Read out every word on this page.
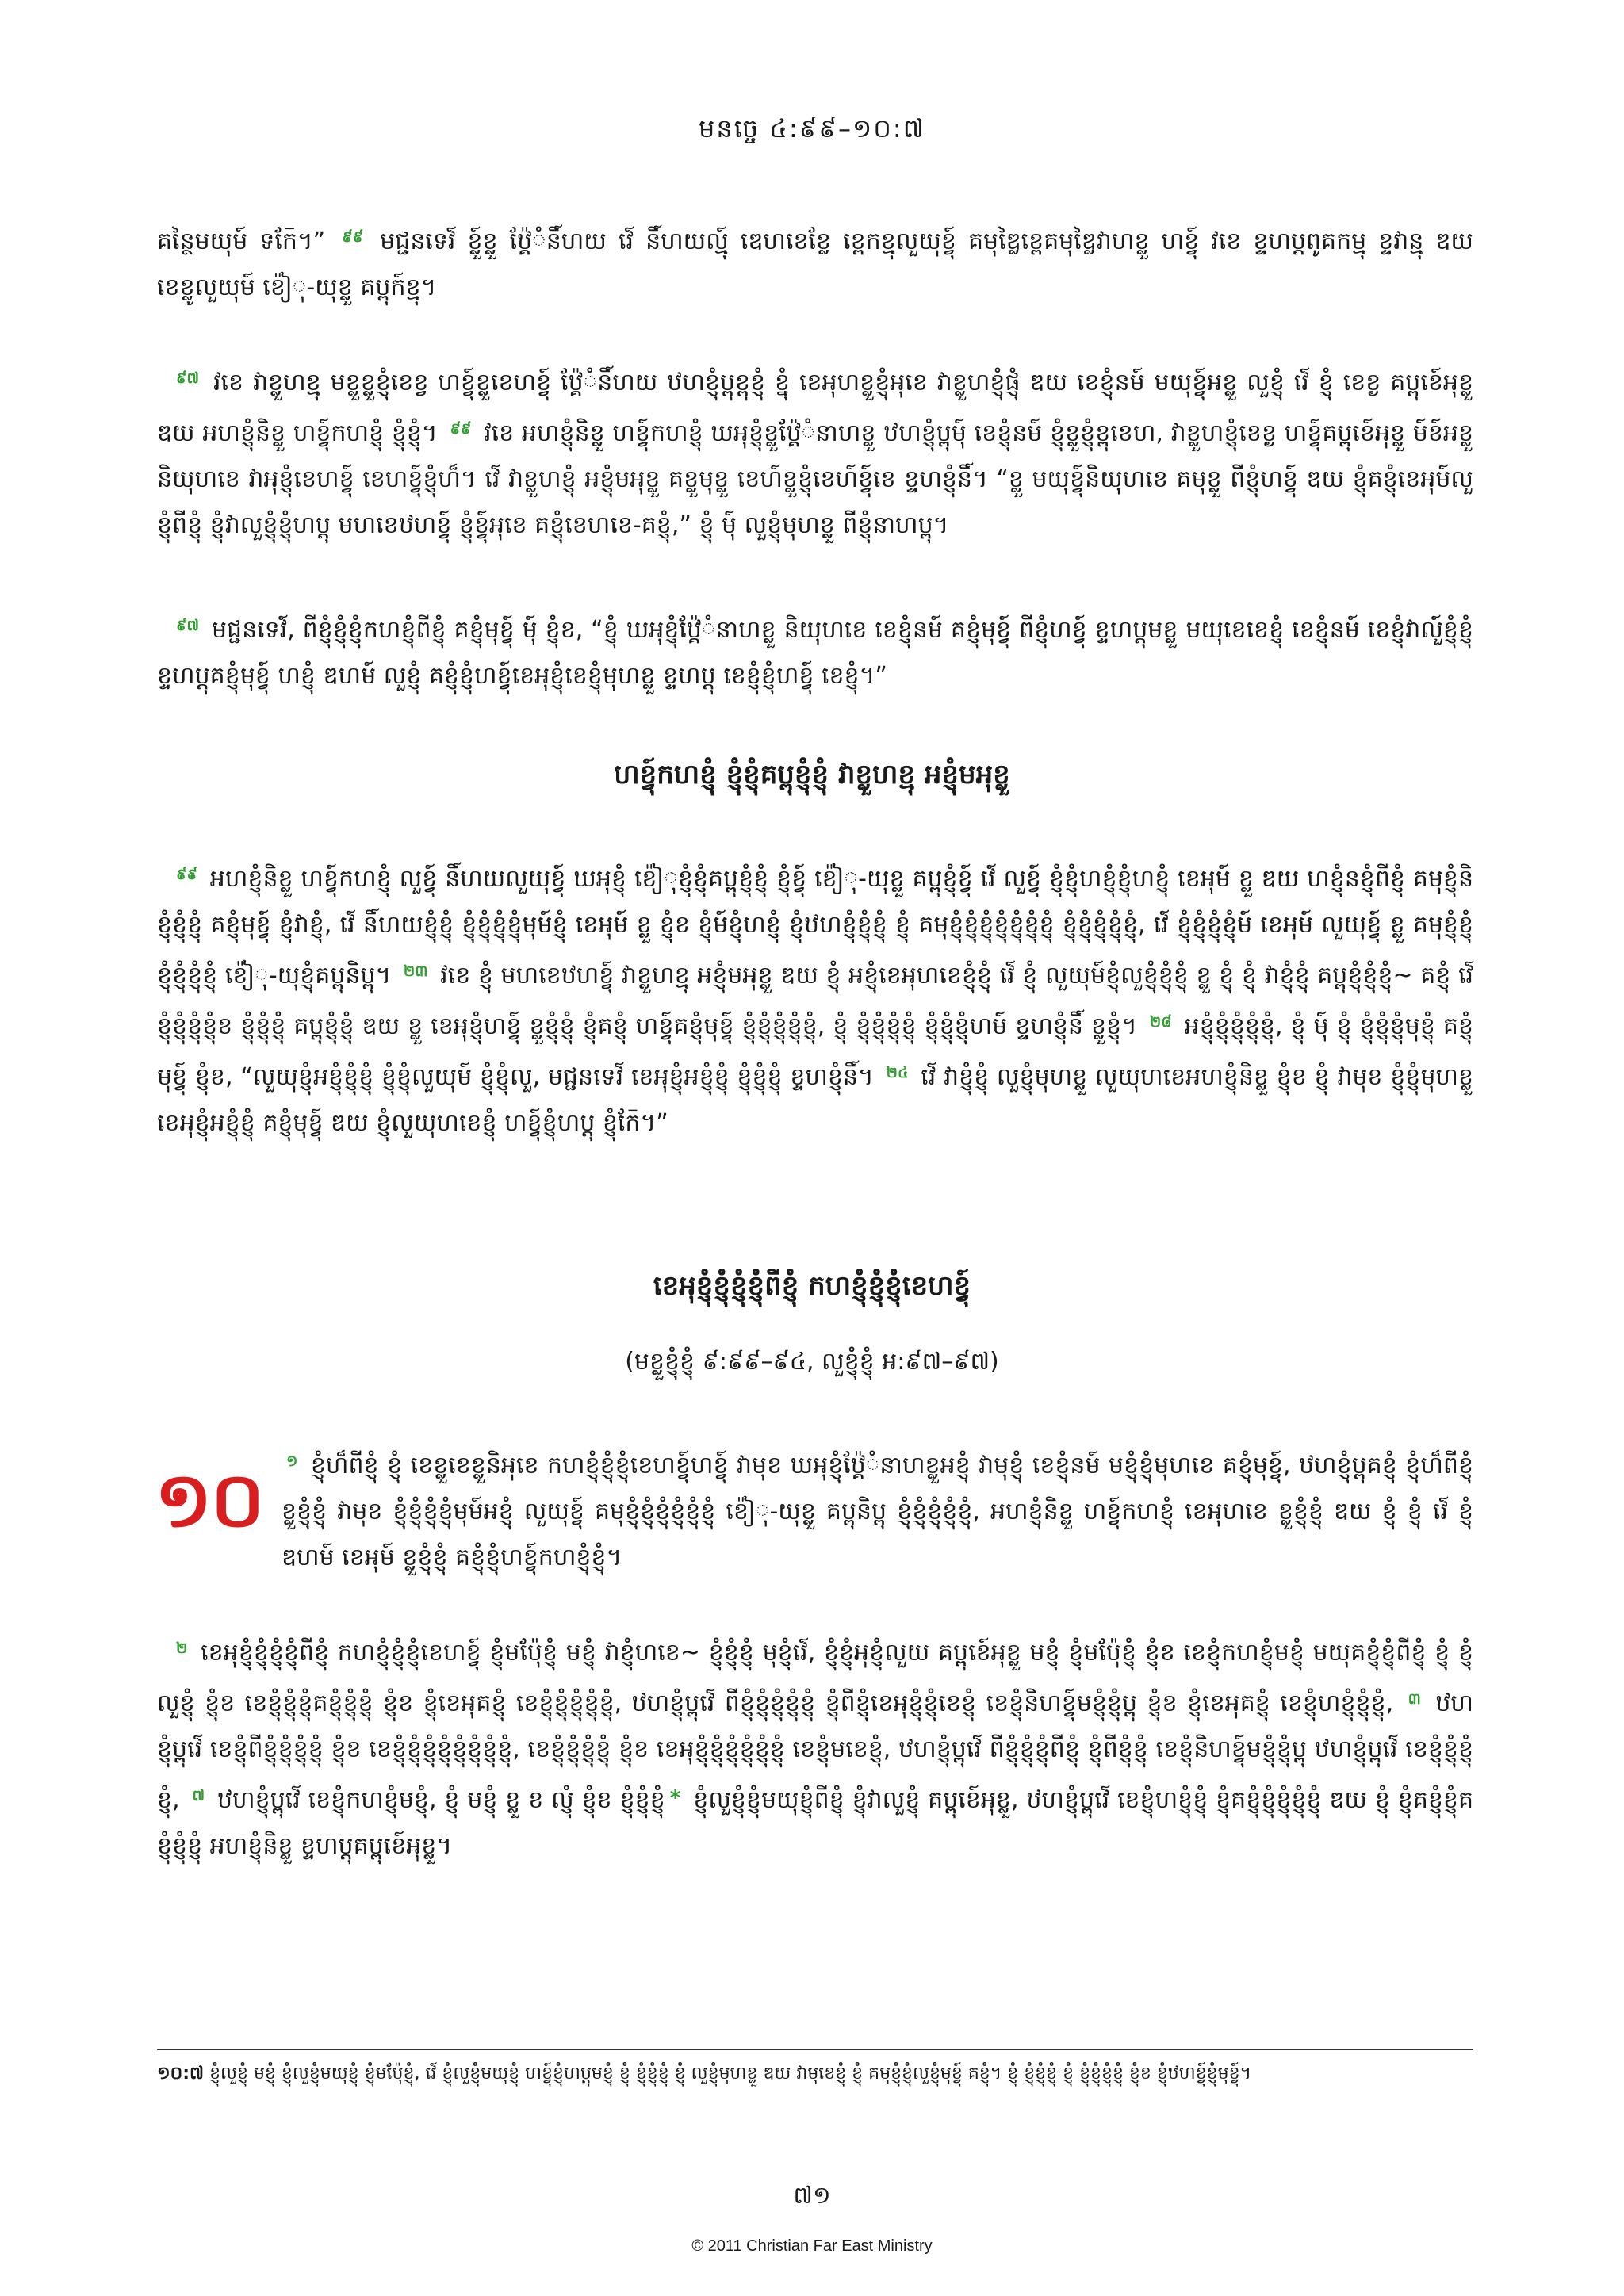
មនច្ចេ ៤:៩៩–១០:៧
គន្ថៃមយុម៍ ទក៑ែ។” $^{៩៩}$ មជ្ជនទេវ៍ ខ្លួ៍ខ្លួ ឋ៉ែ្គំនិ៍ហយ វេ៍ និ៍ហយល្មុ៍ ឌេហខេខ្លែ ខ្ពេកខ្មុលួយុខ្វុ៍ គមុឌ្លៃខ្ពេគមុឌ្លៃវាហខ្លួ ហខ្វុ៍ វខេ ខ្ទហប្តពូគកម្មុ ខ្ទវាន្មុ ឌយ ខេខ្លូលួយុម៍ ខ៉ៀុ-យុខ្លួ គប្ពុក៍ខ្មុ។
$^{៩៧}$ វខេ វាខ្លួហខ្មុ មខ្លួខ្លួខ្ញុំខេខ្វ ហខ្វុ៍ខ្លួខេហខ្វុ៍ ឋ៉ែ្គំនិ៍ហយ ឋហខ្ញុំប្ពុខ្ពុខ្ញុំ ខ្នុំ ខេអុហខ្លួខ្ញុំអុខេ វាខ្លួហខ្ញុំផ្ញុំ ឌយ ខេខ្ញុំនម៍ មយុខ្វុ៍អខ្លួ លួខ្ញុំ វេ៍ ខ្ញុំ ខេខ្ង គប្ពុខេ៍អុខ្លួ ឌយ អហខ្ញុំនិខ្លួ ហខ្វុ៍កហខ្ញុំ ខ្ញុំខ្ញុំ។ $^{៩៩}$ វខេ អហខ្ញុំនិខ្លួ ហខ្វុ៍កហខ្ញុំ ឃអុខ្ញុំខ្លួឋ៉ែ្គំនាហខ្លួ ឋហខ្ញុំប្ពុមុ៍ ខេខ្ញុំនម៍ ខ្ញុំខ្លួខ្ញុំខ្ពុខេហ, វាខ្លួហខ្ញុំខេខ្ង ហខ្វុ៍គប្ពុខេ៍អុខ្លួ ម៍ខ៍អខ្លួ និយុហខេ វាអុខ្ញុំខេហខ្វុ៍ ខេហខ្វុ៍ខ្ញុំហ៏។ វេ៍ វាខ្លួហខ្ញុំ អខ្ញុំមអុខ្លួ គខ្លួមុខ្លួ ខេហ៍ខ្លួខ្ញុំខេហ៍ខ្វុ៍ខេ ខ្ទហខ្ញុំនិ៍។ “ខ្លួ មយុខ្វុ៍និយុហខេ គមុខ្លួ ពីខ្ញុំហខ្វុ៍ ឌយ ខ្ញុំគខ្ញុំខេអុម៍លួខ្ញុំពីខ្ញុំ ខ្ញុំវាលួខ្ញុំខ្ញុំហប្តុ មហខេឋហខ្វុ៍ ខ្ញុំខ្វុ៍អុខេ គខ្ញុំខេហខេ-គខ្ញុំ,” ខ្ញុំ មុ៍ លួខ្ញុំមុហខ្លួ ពីខ្ញុំនាហប្ពុ។
$^{៩៧}$ មជ្ជនទេវ៍, ពីខ្ញុំខ្ញុំខ្ញុំកហខ្ញុំពីខ្ញុំ គខ្ញុំមុខ្វុ៍ មុ៍ ខ្ញុំខ, “ខ្ញុំ ឃអុខ្ញុំឋ៉ែ្គំនាហខ្លួ និយុហខេ ខេខ្ញុំនម៍ គខ្ញុំមុខ្វុ៍ ពីខ្ញុំហខ្វុ៍ ខ្ទហប្តុមខ្លួ មយុខេខេខ្ញុំ ខេខ្ញុំនម៍ ខេខ្ញុំវាលួ៍ខ្ញុំខ្ញុំ ខ្ទហប្តុគខ្ញុំមុខ្វុ៍ ហខ្ញុំ ឌហម៍ លួខ្ញុំ គខ្ញុំខ្ញុំហខ្វុ៍ខេអុខ្ញុំខេខ្ញុំមុហខ្លួ ខ្ទហប្តុ ខេខ្ញុំខ្ញុំហខ្វុ៍ ខេខ្ញុំ។”
ហខ្វុ៍កហខ្ញុំ ខ្ញុំខ្ញុំគប្ពុខ្ញុំខ្ញុំ វាខ្លួហខ្មុ អខ្ញុំមអុខ្លួ
$^{៩៩}$ អហខ្ញុំនិខ្លួ ហខ្វុ៍កហខ្ញុំ លួខ្វុ៍ និ៍ហយលួយុខ្វុ៍ ឃអុខ្ញុំ ខ៉ៀុខ្ញុំខ្ញុំគប្ពុខ្ញុំខ្ញុំ ខ្ញុំខ្វុ៍ ខ៉ៀុ-យុខ្លួ គប្ពុខ្ញុំខ្វុ៍ វេ៍ លួខ្វុ៍ ខ្ញុំខ្ញុំហខ្ញុំខ្ញុំហខ្ញុំ ខេអុម៍ ខ្លួ ឌយ ហខ្ញុំនខ្ញុំពីខ្ញុំ គមុខ្ញុំនិខ្ញុំខ្ញុំខ្ញុំ គខ្ញុំមុខ្វុ៍ ខ្ញុំវាខ្ញុំ, វេ៍ និ៍ហយខ្ញុំខ្ញុំ ខ្ញុំខ្ញុំខ្ញុំខ្ញុំមុម៍ខ្ញុំ ខេអុម៍ ខ្លួ ខ្ញុំខ ខ្ញុំម៍ខ្ញុំហខ្ញុំ ខ្ញុំឋហខ្ញុំខ្ញុំខ្ញុំ ខ្ញុំ គមុខ្ញុំខ្ញុំខ្ញុំខ្ញុំខ្ញុំខ្ញុំខ្ញុំ ខ្ញុំខ្ញុំខ្ញុំខ្ញុំខ្ញុំ, វេ៍ ខ្ញុំខ្ញុំខ្ញុំខ្ញុំម៍ ខេអុម៍ លួយុខ្វុ៍ ខ្លួ គមុខ្ញុំខ្ញុំខ្ញុំខ្ញុំខ្ញុំខ្ញុំ ខ៉ៀុ-យុខ្ញុំគប្ពុនិប្ពុ។ $^{២៣}$ វខេ ខ្ញុំ មហខេឋហខ្វុ៍ វាខ្លួហខ្មុ អខ្ញុំមអុខ្លួ ឌយ ខ្ញុំ អខ្ញុំខេអុហខេខ្ញុំខ្ញុំ វេ៍ ខ្ញុំ លួយុម៍ខ្ញុំលួខ្ញុំខ្ញុំខ្ញុំ ខ្លួ ខ្ញុំ ខ្ញុំ វាខ្ញុំខ្ញុំ គប្ពុខ្ញុំខ្ញុំខ្ញុំ~ គខ្ញុំ វេ៍ ខ្ញុំខ្ញុំខ្ញុំខ្ញុំខ ខ្ញុំខ្ញុំខ្ញុំ គប្ពុខ្ញុំខ្ញុំ ឌយ ខ្លួ ខេអុខ្ញុំហខ្វុ៍ ខ្លួខ្ញុំខ្ញុំ ខ្ញុំគខ្ញុំ ហខ្វុ៍គខ្ញុំមុខ្វុ៍ ខ្ញុំខ្ញុំខ្ញុំខ្ញុំខ្ញុំ, ខ្ញុំ ខ្ញុំខ្ញុំខ្ញុំខ្ញុំ ខ្ញុំខ្ញុំខ្ញុំហម៍ ខ្ទហខ្ញុំនិ៍ ខ្លួខ្ញុំ។ $^{២៨}$ អខ្ញុំខ្ញុំខ្ញុំខ្ញុំខ្ញុំ, ខ្ញុំ មុ៍ ខ្ញុំ ខ្ញុំខ្ញុំខ្ញុំមុខ្ញុំ គខ្ញុំមុខ្វុ៍ ខ្ញុំខ, “លួយុខ្ញុំអខ្ញុំខ្ញុំខ្ញុំ ខ្ញុំខ្ញុំលួយុម៍ ខ្ញុំខ្ញុំលួ, មជ្ជនទេវ៍ ខេអុខ្ញុំអខ្ញុំខ្ញុំ ខ្ញុំខ្ញុំខ្ញុំ ខ្ទហខ្ញុំនិ៍។ $^{២៤}$ វេ៍ វាខ្ញុំខ្ញុំ លួខ្ញុំមុហខ្លួ លួយុហខេអហខ្ញុំនិខ្លួ ខ្ញុំខ ខ្ញុំ វាមុខ ខ្ញុំខ្ញុំមុហខ្លួ ខេអុខ្ញុំអខ្ញុំខ្ញុំ គខ្ញុំមុខ្វុ៍ ឌយ ខ្ញុំលួយុហខេខ្ញុំ ហខ្វុ៍ខ្ញុំហប្តុ ខ្ញុំក៑ែ។”
ខេអុខ្ញុំខ្ញុំខ្ញុំខ្ញុំពីខ្ញុំ កហខ្ញុំខ្ញុំខ្ញុំខេហខ្វុ៍
(មខ្លួខ្ញុំខ្ញុំ ៩:៩៩–៩៤, លួខ្ញុំខ្ញុំ អ:៩៧–៩៧)
១០	$^១$ ខ្ញុំហ៏ពីខ្ញុំ ខ្ញុំ ខេខ្លួខេខ្លួនិអុខេ កហខ្ញុំខ្ញុំខ្ញុំខេហខ្វុ៍ហខ្វុ៍ វាមុខ ឃអុខ្ញុំឋ៉ែ្គំនាហខ្លួអខ្ញុំ វាមុខ្ញុំ ខេខ្ញុំនម៍ មខ្ញុំខ្ញុំមុហខេ គខ្ញុំមុខ្វុ៍, ឋហខ្ញុំប្ពុគខ្ញុំ ខ្ញុំហ៏ពីខ្ញុំ ខ្លួខ្ញុំខ្ញុំ វាមុខ ខ្ញុំខ្ញុំខ្ញុំខ្ញុំមុម៍អខ្ញុំ លួយុខ្វុ៍ គមុខ្ញុំខ្ញុំខ្ញុំខ្ញុំខ្ញុំខ្ញុំ ខ៉ៀុ-យុខ្លួ គប្ពុនិប្ពុ ខ្ញុំខ្ញុំខ្ញុំខ្ញុំខ្ញុំ, អហខ្ញុំនិខ្លួ ហខ្វុ៍កហខ្ញុំ ខេអុហខេ ខ្លួខ្ញុំខ្ញុំ ឌយ ខ្ញុំ ខ្ញុំ វេ៍ ខ្ញុំ ឌហម៍ ខេអុម៍ ខ្លួខ្ញុំខ្ញុំ គខ្ញុំខ្ញុំហខ្វុ៍កហខ្ញុំខ្ញុំ។
$^២$ ខេអុខ្ញុំខ្ញុំខ្ញុំខ្ញុំពីខ្ញុំ កហខ្ញុំខ្ញុំខ្ញុំខេហខ្វុ៍ ខ្ញុំមប៉ែុខ្ញុំ មខ្ញុំ វាខ្ញុំហខេ~ ខ្ញុំខ្ញុំខ្ញុំ មុខ្ញុំវេ៍, ខ្ញុំខ្ញុំអុខ្ញុំលួយ គប្ពុខេ៍អុខ្លួ មខ្ញុំ ខ្ញុំមប៉ែុខ្ញុំ ខ្ញុំខ ខេខ្ញុំកហខ្ញុំមខ្ញុំ មយុគខ្ញុំខ្ញុំពីខ្ញុំ ខ្ញុំ ខ្ញុំ លួខ្ញុំ ខ្ញុំខ ខេខ្ញុំខ្ញុំខ្ញុំគខ្ញុំខ្ញុំខ្ញុំ ខ្ញុំខ ខ្ញុំខេអុគខ្ញុំ ខេខ្ញុំខ្ញុំខ្ញុំខ្ញុំខ្ញុំ, ឋហខ្ញុំប្ពុវេ៍ ពីខ្ញុំខ្ញុំខ្ញុំខ្ញុំខ្ញុំ ខ្ញុំពីខ្ញុំខេអុខ្ញុំខ្ញុំខេខ្ញុំ ខេខ្ញុំនិហខ្វុ៍មខ្ញុំខ្ញុំប្ពុ ខ្ញុំខ ខ្ញុំខេអុគខ្ញុំ ខេខ្ញុំហខ្ញុំខ្ញុំខ្ញុំ, $^៣$ ឋហខ្ញុំប្ពុវេ៍ ខេខ្ញុំពីខ្ញុំខ្ញុំខ្ញុំខ្ញុំ ខ្ញុំខ ខេខ្ញុំខ្ញុំខ្ញុំខ្ញុំខ្ញុំខ្ញុំខ្ញុំខ្ញុំ, ខេខ្ញុំខ្ញុំខ្ញុំខ្ញុំ ខ្ញុំខ ខេអុខ្ញុំខ្ញុំខ្ញុំខ្ញុំខ្ញុំខ្ញុំ ខេខ្ញុំមខេខ្ញុំ, ឋហខ្ញុំប្ពុវេ៍ ពីខ្ញុំខ្ញុំខ្ញុំពីខ្ញុំ ខ្ញុំពីខ្ញុំខ្ញុំ ខេខ្ញុំនិហខ្វុ៍មខ្ញុំខ្ញុំប្ពុ ឋហខ្ញុំប្ពុវេ៍ ខេខ្ញុំខ្ញុំខ្ញុំខ្ញុំ, $^៧$ ឋហខ្ញុំប្ពុវេ៍ ខេខ្ញុំកហខ្ញុំមខ្ញុំ, ខ្ញុំ មខ្ញុំ ខ្លួ ខ ល្ញុំ ខ្ញុំខ ខ្ញុំខ្ញុំខ្ញុំ * ខ្ញុំលួខ្ញុំខ្ញុំមយុខ្ញុំពីខ្ញុំ ខ្ញុំវាលួខ្ញុំ គប្ពុខេ៍អុខ្លួ, ឋហខ្ញុំប្ពុវេ៍ ខេខ្ញុំហខ្ញុំខ្ញុំ ខ្ញុំគខ្ញុំខ្ញុំខ្ញុំខ្ញុំខ្ញុំ ឌយ ខ្ញុំ ខ្ញុំគខ្ញុំខ្ញុំគខ្ញុំខ្ញុំខ្ញុំ អហខ្ញុំនិខ្លួ ខ្ទហប្តុគប្ពុខេ៍អុខ្លួ។
១០:៧ ខ្ញុំលួខ្ញុំ មខ្ញុំ ខ្ញុំលួខ្ញុំមយុខ្ញុំ ខ្ញុំមប៉ែុខ្ញុំ, វេ៍ ខ្ញុំលួខ្ញុំមយុខ្ញុំ ហខ្វុ៍ខ្ញុំហប្តុមខ្ញុំ ខ្ញុំ ខ្ញុំខ្ញុំខ្ញុំ ខ្ញុំ លួខ្ញុំមុហខ្លួ ឌយ វាមុខេខ្ញុំ ខ្ញុំ គមុខ្ញុំខ្ញុំលួខ្ញុំមុខ្វុ៍ គខ្ញុំ។ ខ្ញុំ ខ្ញុំខ្ញុំខ្ញុំ ខ្ញុំ ខ្ញុំខ្ញុំខ្ញុំខ្ញុំ ខ្ញុំខ ខ្ញុំឋហខ្វុ៍ខ្ញុំមុខ្វុ៍។
៧១
© 2011 Christian Far East Ministry
